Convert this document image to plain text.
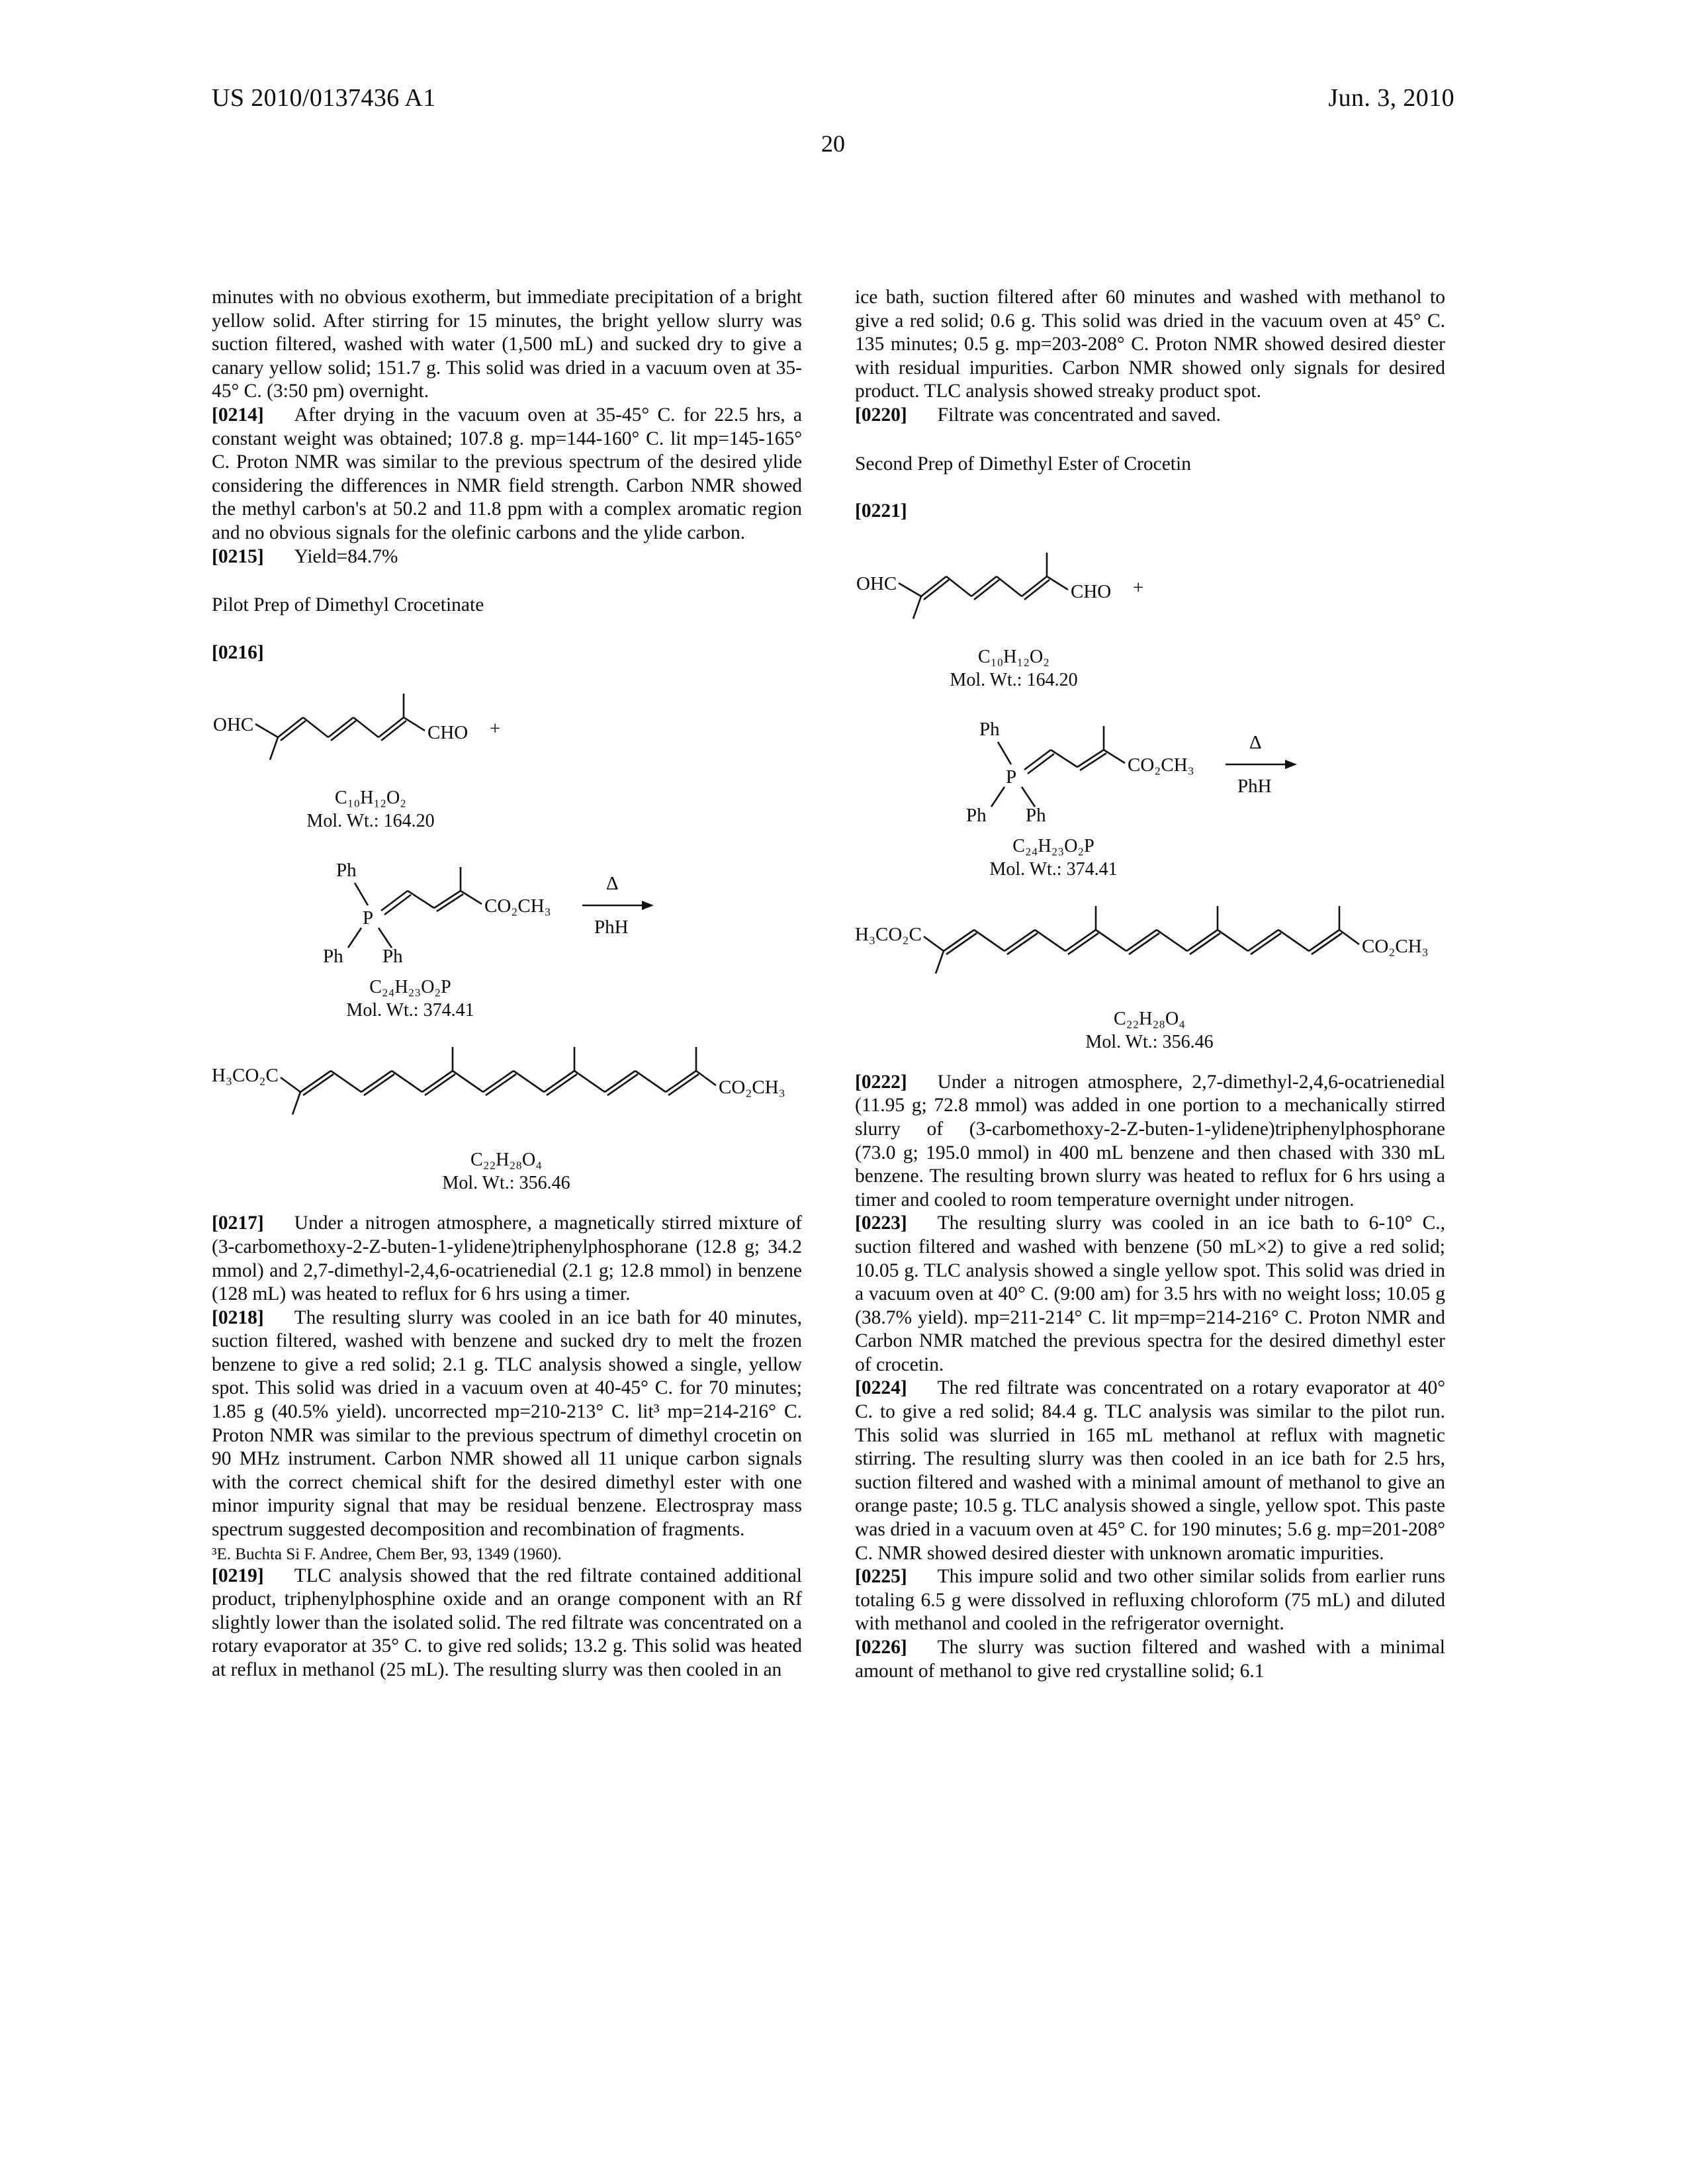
US 2010/0137436 A1	Jun. 3, 2010
20

minutes with no obvious exotherm, but immediate precipitation of a bright yellow solid. After stirring for 15 minutes, the bright yellow slurry was suction filtered, washed with water (1,500 mL) and sucked dry to give a canary yellow solid; 151.7 g. This solid was dried in a vacuum oven at 35-45° C. (3:50 pm) overnight.

[0214] After drying in the vacuum oven at 35-45° C. for 22.5 hrs, a constant weight was obtained; 107.8 g. mp=144-160° C. lit mp=145-165° C. Proton NMR was similar to the previous spectrum of the desired ylide considering the differences in NMR field strength. Carbon NMR showed the methyl carbon's at 50.2 and 11.8 ppm with a complex aromatic region and no obvious signals for the olefinic carbons and the ylide carbon.

[0215] Yield=84.7%

Pilot Prep of Dimethyl Crocetinate

[0216]

OHC	CHO +
C₁₀H₁₂O₂
Mol. Wt.: 164.20
Ph
P
Ph Ph
CO₂CH₃
Δ
PhH
C₂₄H₂₃O₂P
Mol. Wt.: 374.41
H₃CO₂C
CO₂CH₃
C₂₂H₂₈O₄
Mol. Wt.: 356.46

[0217] Under a nitrogen atmosphere, a magnetically stirred mixture of (3-carbomethoxy-2-Z-buten-1-ylidene)triphenylphosphorane (12.8 g; 34.2 mmol) and 2,7-dimethyl-2,4,6-ocatrienedial (2.1 g; 12.8 mmol) in benzene (128 mL) was heated to reflux for 6 hrs using a timer.

[0218] The resulting slurry was cooled in an ice bath for 40 minutes, suction filtered, washed with benzene and sucked dry to melt the frozen benzene to give a red solid; 2.1 g. TLC analysis showed a single, yellow spot. This solid was dried in a vacuum oven at 40-45° C. for 70 minutes; 1.85 g (40.5% yield). uncorrected mp=210-213° C. lit³ mp=214-216° C. Proton NMR was similar to the previous spectrum of dimethyl crocetin on 90 MHz instrument. Carbon NMR showed all 11 unique carbon signals with the correct chemical shift for the desired dimethyl ester with one minor impurity signal that may be residual benzene. Electrospray mass spectrum suggested decomposition and recombination of fragments.

³E. Buchta Si F. Andree, Chem Ber, 93, 1349 (1960).

[0219] TLC analysis showed that the red filtrate contained additional product, triphenylphosphine oxide and an orange component with an Rf slightly lower than the isolated solid. The red filtrate was concentrated on a rotary evaporator at 35° C. to give red solids; 13.2 g. This solid was heated at reflux in methanol (25 mL). The resulting slurry was then cooled in an

ice bath, suction filtered after 60 minutes and washed with methanol to give a red solid; 0.6 g. This solid was dried in the vacuum oven at 45° C. 135 minutes; 0.5 g. mp=203-208° C. Proton NMR showed desired diester with residual impurities. Carbon NMR showed only signals for desired product. TLC analysis showed streaky product spot.

[0220] Filtrate was concentrated and saved.

Second Prep of Dimethyl Ester of Crocetin

[0221]

OHC	CHO +
C₁₀H₁₂O₂
Mol. Wt.: 164.20
Ph
P
Ph Ph
CO₂CH₃
Δ
PhH
C₂₄H₂₃O₂P
Mol. Wt.: 374.41
H₃CO₂C
CO₂CH₃
C₂₂H₂₈O₄
Mol. Wt.: 356.46

[0222] Under a nitrogen atmosphere, 2,7-dimethyl-2,4,6-ocatrienedial (11.95 g; 72.8 mmol) was added in one portion to a mechanically stirred slurry of (3-carbomethoxy-2-Z-buten-1-ylidene)triphenylphosphorane (73.0 g; 195.0 mmol) in 400 mL benzene and then chased with 330 mL benzene. The resulting brown slurry was heated to reflux for 6 hrs using a timer and cooled to room temperature overnight under nitrogen.

[0223] The resulting slurry was cooled in an ice bath to 6-10° C., suction filtered and washed with benzene (50 mL×2) to give a red solid; 10.05 g. TLC analysis showed a single yellow spot. This solid was dried in a vacuum oven at 40° C. (9:00 am) for 3.5 hrs with no weight loss; 10.05 g (38.7% yield). mp=211-214° C. lit mp=mp=214-216° C. Proton NMR and Carbon NMR matched the previous spectra for the desired dimethyl ester of crocetin.

[0224] The red filtrate was concentrated on a rotary evaporator at 40° C. to give a red solid; 84.4 g. TLC analysis was similar to the pilot run. This solid was slurried in 165 mL methanol at reflux with magnetic stirring. The resulting slurry was then cooled in an ice bath for 2.5 hrs, suction filtered and washed with a minimal amount of methanol to give an orange paste; 10.5 g. TLC analysis showed a single, yellow spot. This paste was dried in a vacuum oven at 45° C. for 190 minutes; 5.6 g. mp=201-208° C. NMR showed desired diester with unknown aromatic impurities.

[0225] This impure solid and two other similar solids from earlier runs totaling 6.5 g were dissolved in refluxing chloroform (75 mL) and diluted with methanol and cooled in the refrigerator overnight.

[0226] The slurry was suction filtered and washed with a minimal amount of methanol to give red crystalline solid; 6.1
